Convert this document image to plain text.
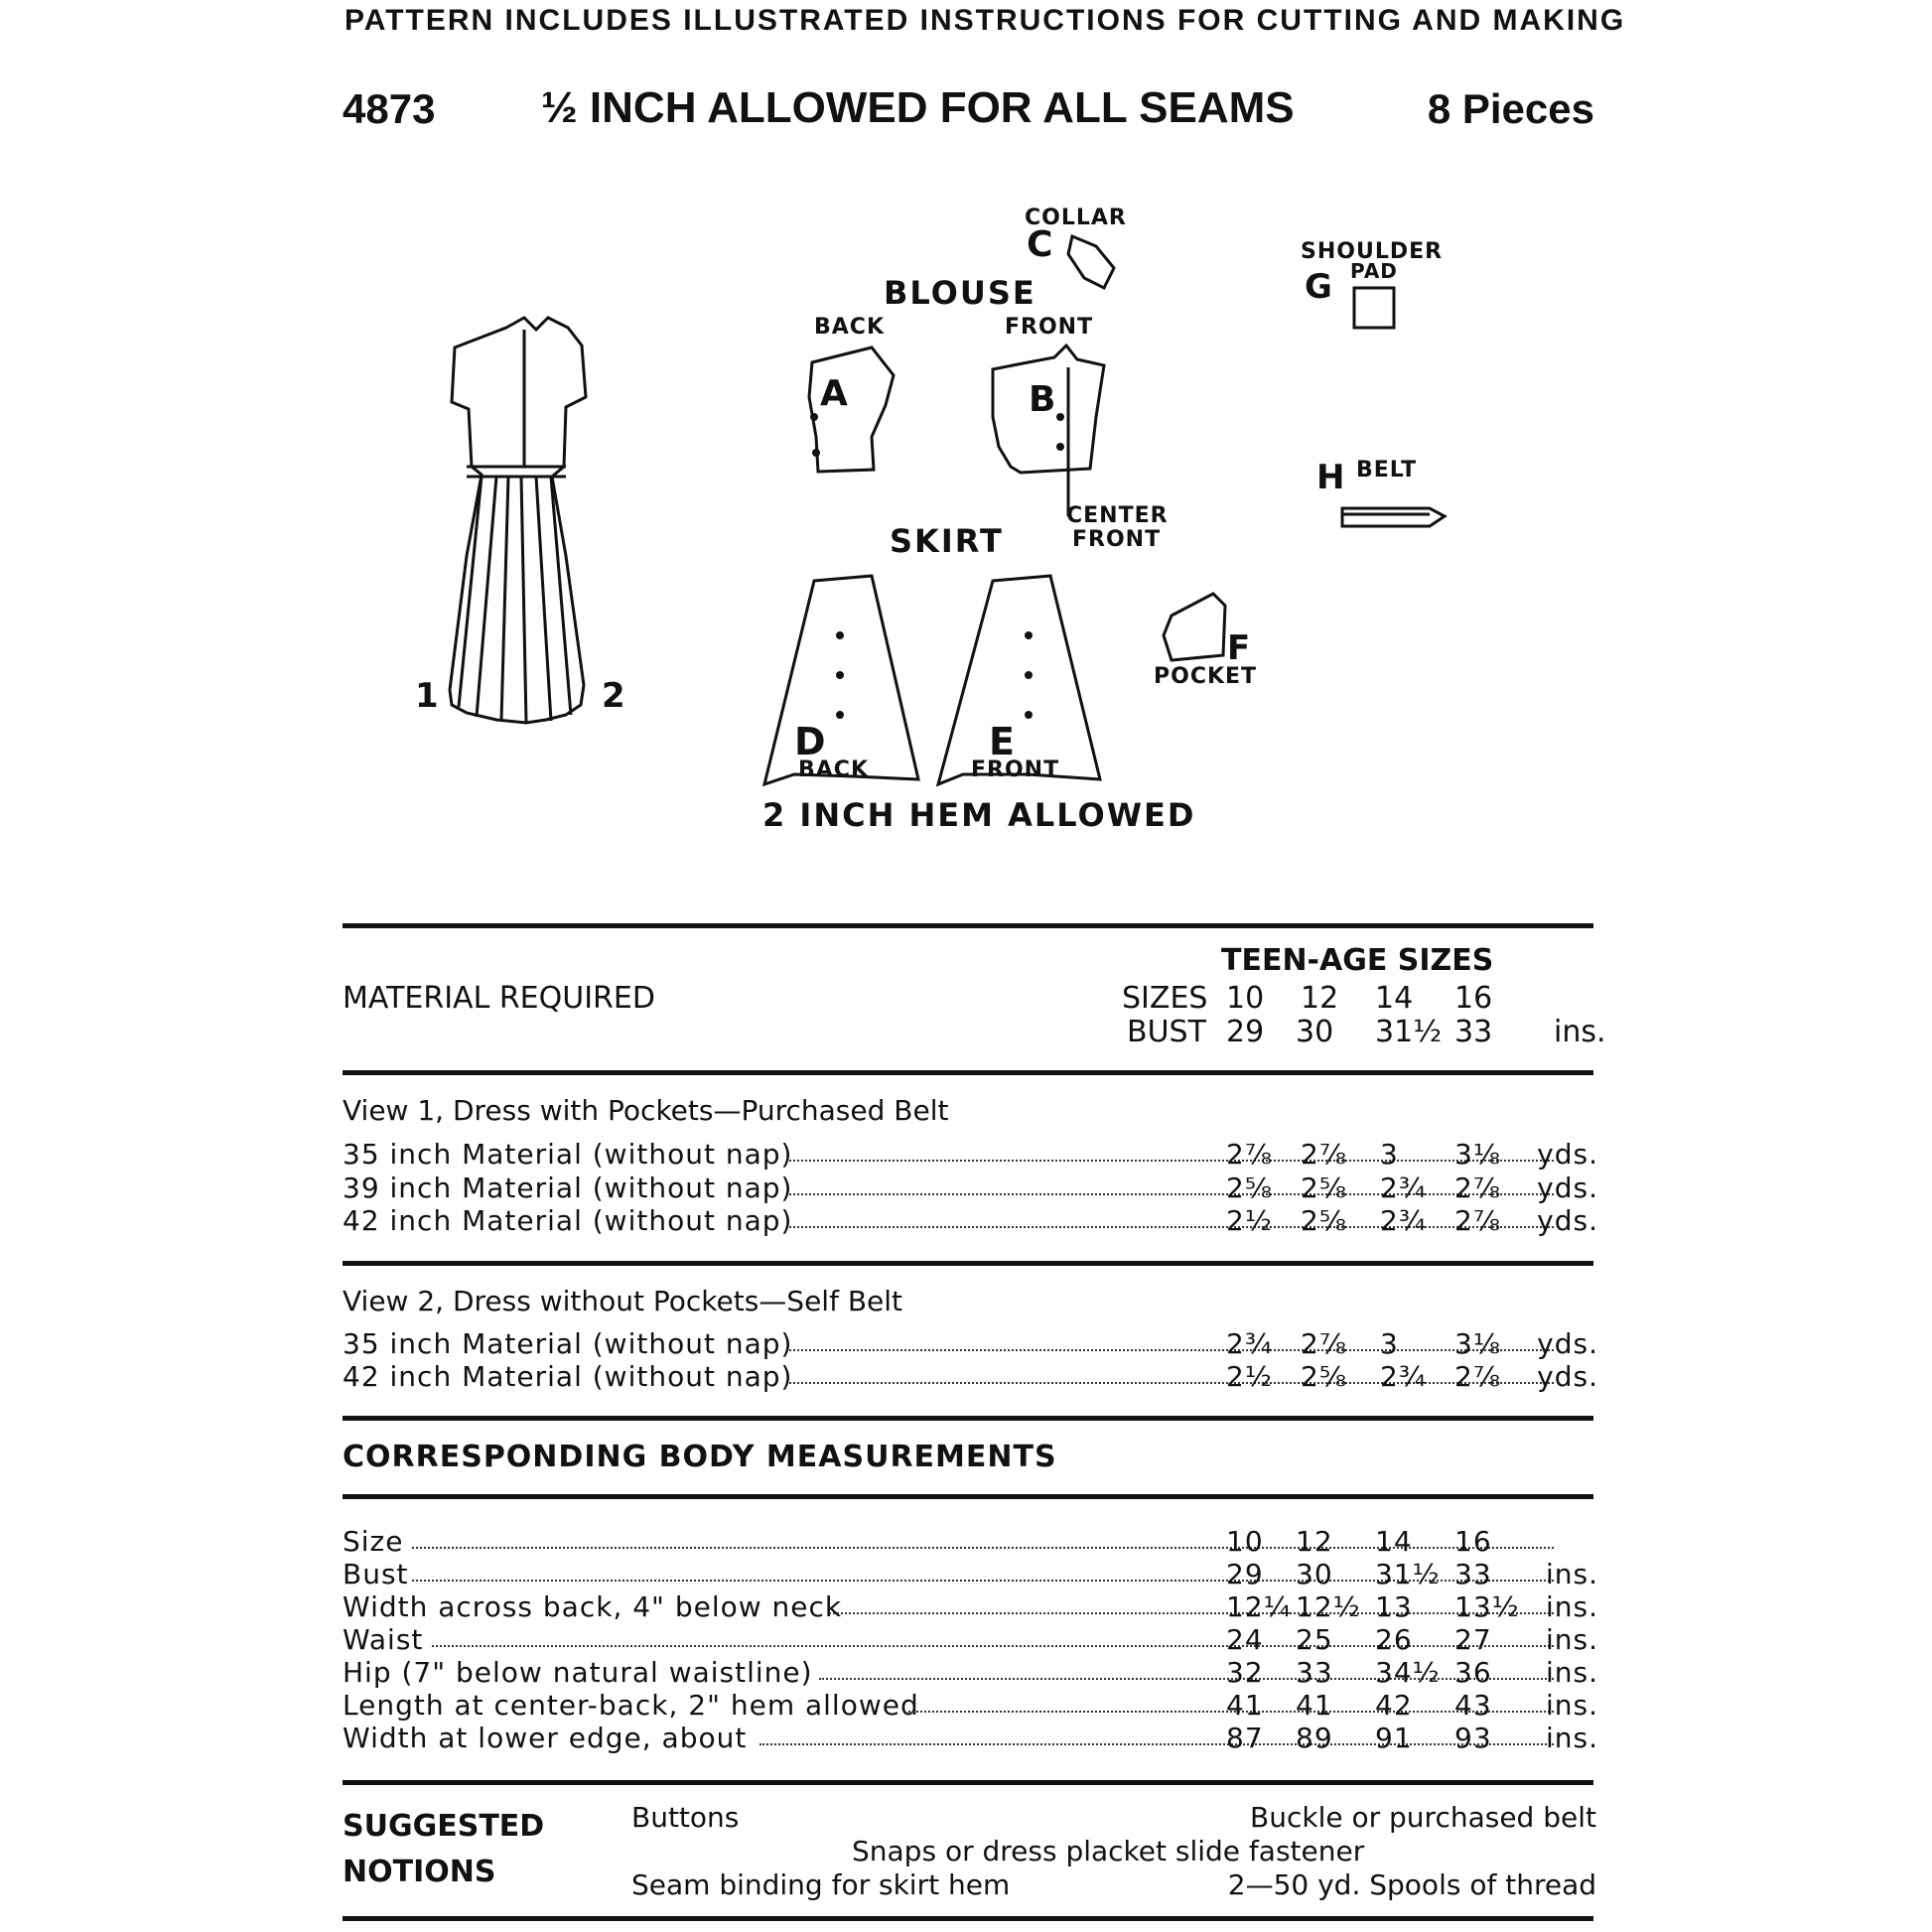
PATTERN INCLUDES ILLUSTRATED INSTRUCTIONS FOR CUTTING AND MAKING
4873 ½ INCH ALLOWED FOR ALL SEAMS	8 Pieces
1	2
BLOUSE
BACK	FRONT
COLLAR
SHOULDER
PAD
BELT
SKIRT
CENTER
FRONT
POCKET
BACK	FRONT
2 INCH HEM ALLOWED
A	B
C
D	E
F
G
H
TEEN-AGE SIZES
MATERIAL REQUIRED	SIZES 10 12 14 16
BUST 29 30 31½ 33 ins.
View 1, Dress with Pockets—Purchased Belt
35 inch Material (without nap)	2⅞ 2⅞ 3 3⅛ yds.
39 inch Material (without nap)	2⅝ 2⅝ 2¾ 2⅞ yds.
42 inch Material (without nap)	2½ 2⅝ 2¾ 2⅞ yds.
View 2, Dress without Pockets—Self Belt
35 inch Material (without nap)	2¾ 2⅞ 3 3⅛ yds.
42 inch Material (without nap)	2½ 2⅝ 2¾ 2⅞ yds.
CORRESPONDING BODY MEASUREMENTS
Size	10 12 14 16
Bust	29 30 31½ 33 ins.
Width across back, 4" below neck	12¼ 12½ 13 13½ ins.
Waist	24 25 26 27 ins.
Hip (7" below natural waistline)	32 33 34½ 36 ins.
Length at center-back, 2" hem allowed	41 41 42 43 ins.
Width at lower edge, about	87 89 91 93 ins.
SUGGESTED
NOTIONS
Buttons	Buckle or purchased belt
Snaps or dress placket slide fastener
Seam binding for skirt hem	2—50 yd. Spools of thread
